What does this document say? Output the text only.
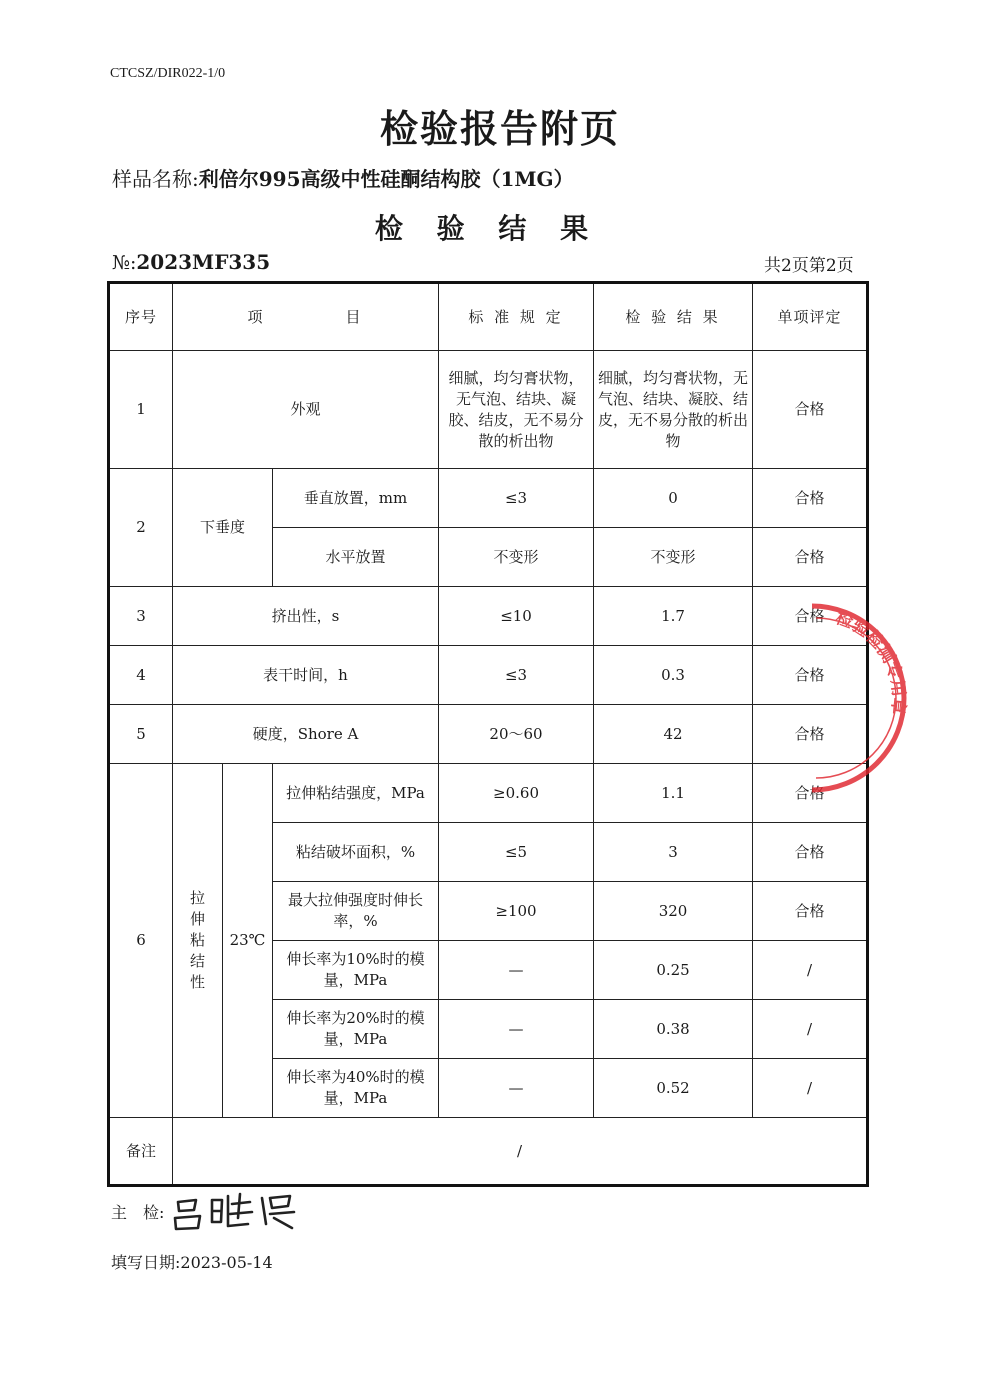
CTCSZ/DIR022-1/0
检验报告附页
样品名称:利倍尔995高级中性硅酮结构胶（1MG）
检 验 结 果
№:2023MF335	共2页第2页
序号	项 目			标 准 规 定	检 验 结 果	单项评定
1	外观			细腻，均匀膏状物，无气泡、结块、凝胶、结皮，无不易分散的析出物	细腻，均匀膏状物，无气泡、结块、凝胶、结皮，无不易分散的析出物	合格
2	下垂度		垂直放置，mm	≤3	0	合格
			水平放置	不变形	不变形	合格
3	挤出性，s			≤10	1.7	合格
4	表干时间，h			≤3	0.3	合格
5	硬度，Shore A			20～60	42	合格
6	拉伸粘结性	23℃	拉伸粘结强度，MPa	≥0.60	1.1	合格
			粘结破坏面积，%	≤5	3	合格
			最大拉伸强度时伸长率，%	≥100	320	合格
			伸长率为10%时的模量，MPa	—	0.25	/
			伸长率为20%时的模量，MPa	—	0.38	/
			伸长率为40%时的模量，MPa	—	0.52	/
备注	/					
主　检:
填写日期:2023-05-14
检验检测专用章
